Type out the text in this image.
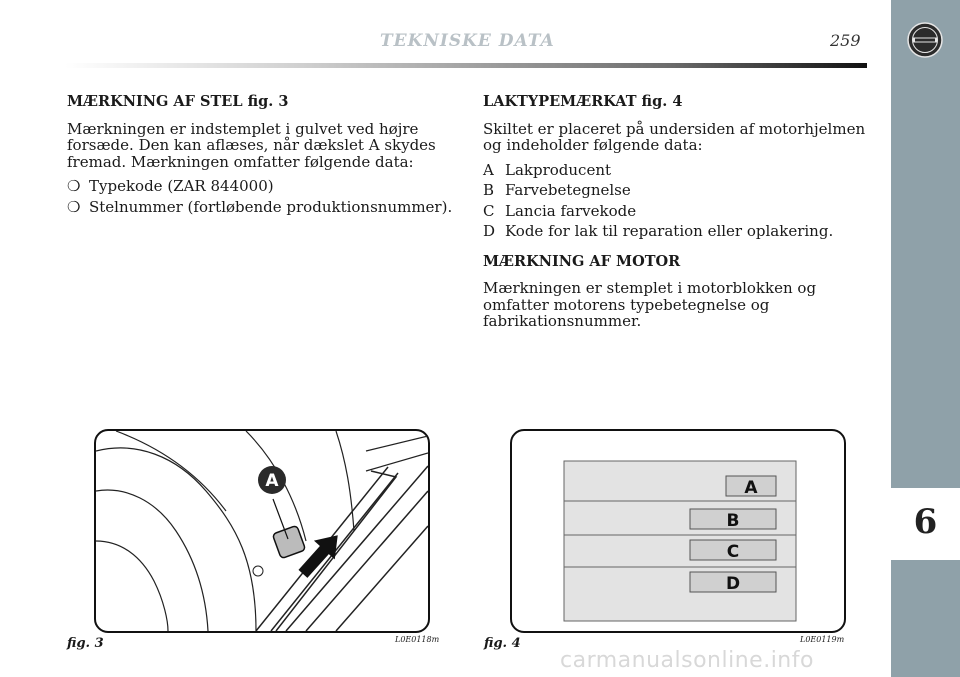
TEKNISKE DATA	259
6
MÆRKNING AF STEL fig. 3
Mærkningen er indstemplet i gulvet ved højre forsæde. Den kan aflæses, når dækslet A skydes fremad. Mærkningen omfatter følgende data:
❍ Typekode (ZAR 844000)
❍ Stelnummer (fortløbende produktionsnummer).
LAKTYPEMÆRKAT fig. 4
Skiltet er placeret på undersiden af motorhjelmen og indeholder følgende data:
A Lakproducent
B Farvebetegnelse
C Lancia farvekode
D Kode for lak til reparation eller oplakering.
MÆRKNING AF MOTOR
Mærkningen er stemplet i motorblokken og omfatter motorens typebetegnelse og fabrikationsnummer.
A
fig. 3	L0E0118m
A
B
C
D
fig. 4	L0E0119m
carmanualsonline.info
